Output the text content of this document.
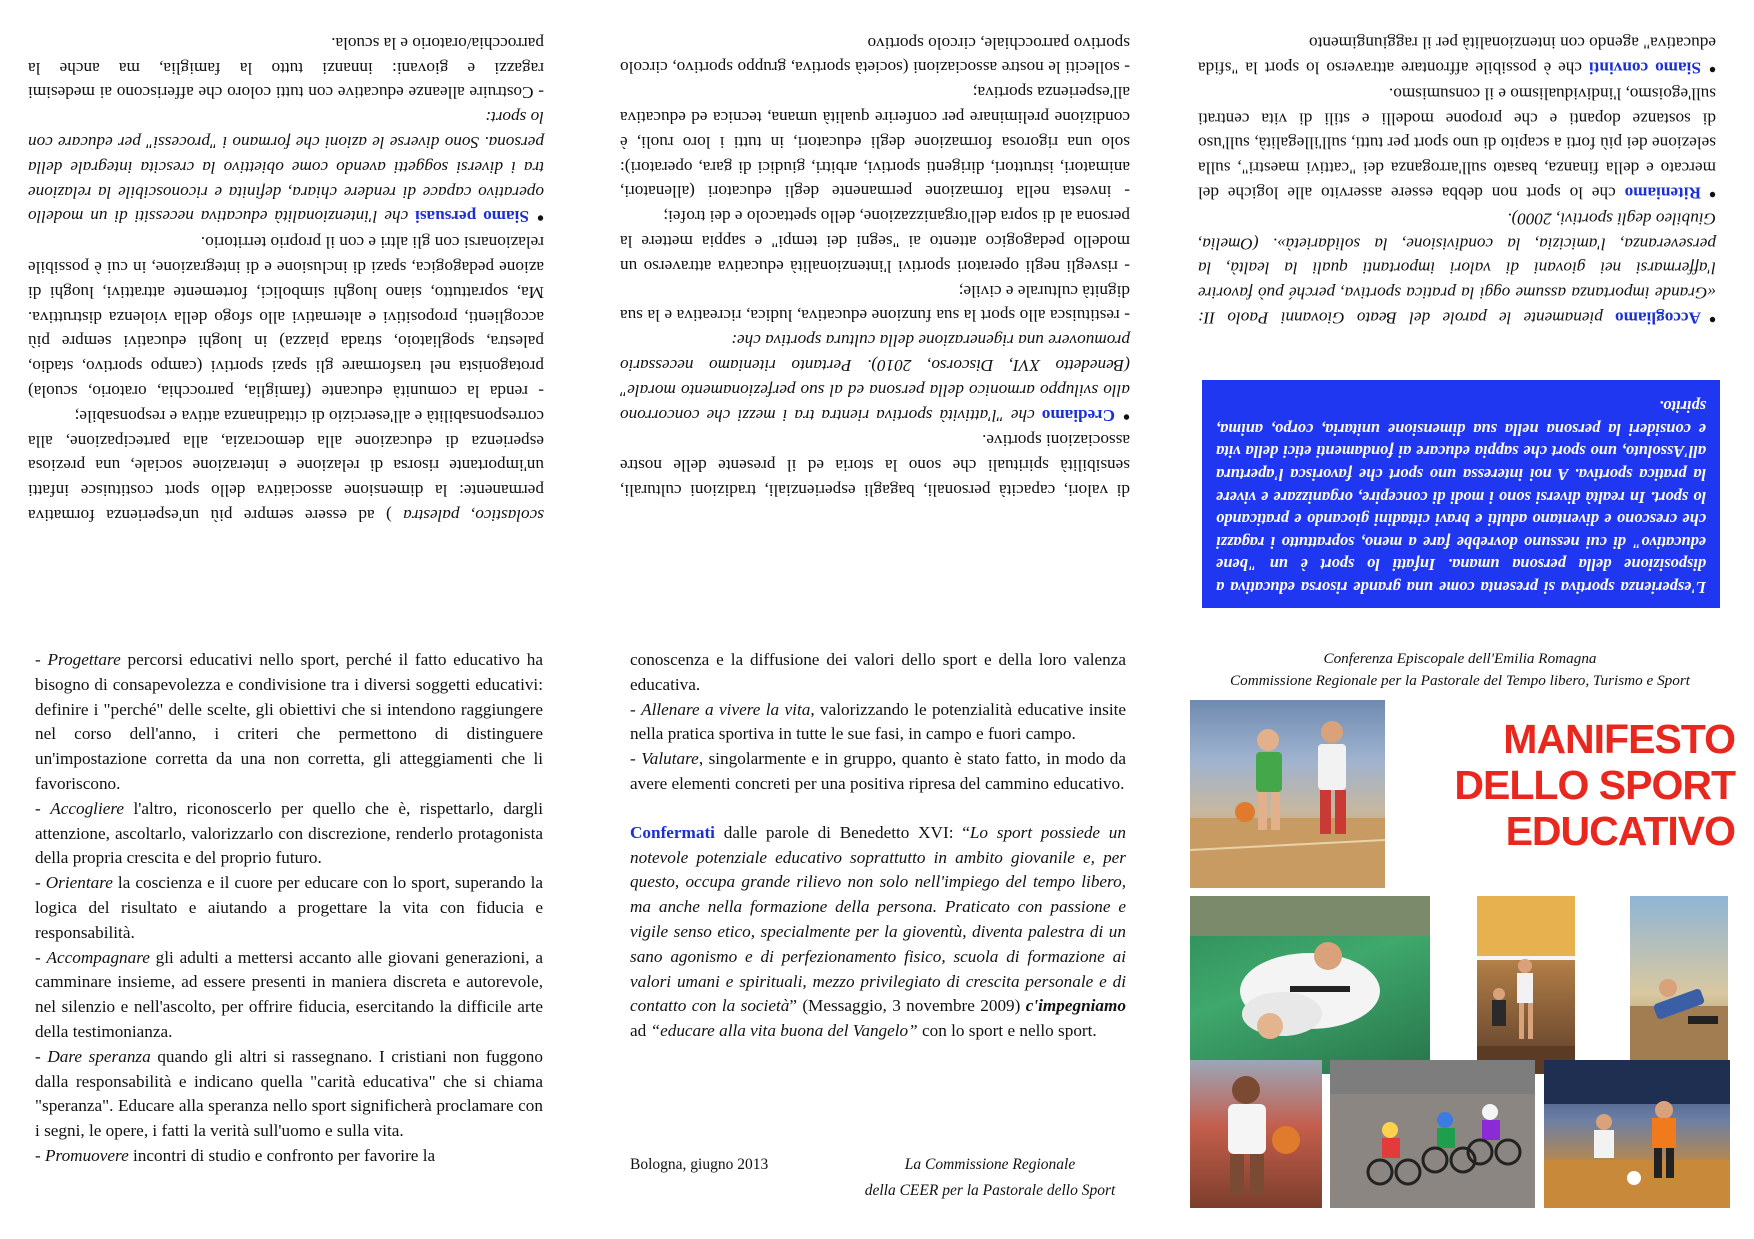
scolastico, palestra ) ad essere sempre più un'esperienza formativa permanente: la dimensione associativa dello sport costituisce infatti un'importante risorsa di relazione e interazione sociale, una preziosa esperienza di educazione alla democrazia, alla partecipazione, alla corresponsabilità e all'esercizio di cittadinanza attiva e responsabile;

- renda la comunità educante (famiglia, parrocchia, oratorio, scuola) protagonista nel trasformare gli spazi sportivi (campo sportivo, stadio, palestra, spogliatoio, strada piazza) in luoghi educativi sempre più accoglienti, propositivi e alternativi allo sfogo della violenza distruttiva. Ma, soprattutto, siano luoghi simbolici, fortemente attrattivi, luoghi di azione pedagogica, spazi di inclusione e di integrazione, in cui è possibile relazionarsi con gli altri e con il proprio territorio.

• Siamo persuasi che l'intenzionalità educativa necessiti di un modello operativo capace di rendere chiara, definita e riconoscibile la relazione tra i diversi soggetti avendo come obiettivo la crescita integrale della persona. Sono diverse le azioni che formano i "processi" per educare con lo sport:

- Costruire alleanze educative con tutti coloro che afferiscono ai medesimi ragazzi e giovani: innanzi tutto la famiglia, ma anche la parrocchia/oratorio e la scuola.

di valori, capacità personali, bagagli esperienziali, tradizioni culturali, sensibilità spirituali che sono la storia ed il presente delle nostre associazioni sportive.

• Crediamo che "l'attività sportiva rientra tra i mezzi che concorrono allo sviluppo armonico della persona ed al suo perfezionamento morale" (Benedetto XVI, Discorso, 2010). Pertanto riteniamo necessario promuovere una rigenerazione della cultura sportiva che:

- restituisca allo sport la sua funzione educativa, ludica, ricreativa e la sua dignità culturale e civile;

- risvegli negli operatori sportivi l'intenzionalità educativa attraverso un modello pedagogico attento ai "segni dei tempi" e sappia mettere la persona al di sopra dell'organizzazione, dello spettacolo e dei trofei;

- investa nella formazione permanente degli educatori (allenatori, animatori, istruttori, dirigenti sportivi, arbitri, giudici di gara, operatori): solo una rigorosa formazione degli educatori, in tutti i loro ruoli, è condizione preliminare per conferire qualità umana, tecnica ed educativa all'esperienza sportiva;

- solleciti le nostre associazioni (società sportiva, gruppo sportivo, circolo sportivo parrocchiale, circolo sportivo

• Accogliamo pienamente le parole del Beato Giovanni Paolo II: «Grande importanza assume oggi la pratica sportiva, perché può favorire l'affermarsi nei giovani di valori importanti quali la lealtà, la perseveranza, l'amicizia, la condivisione, la solidarietà». (Omelia, Giubileo degli sportivi, 2000).

• Riteniamo che lo sport non debba essere asservito alle logiche del mercato e della finanza, basato sull'arroganza dei "cattivi maestri", sulla selezione dei più forti a scapito di uno sport per tutti, sull'illegalità, sull'uso di sostanze dopanti e che propone modelli e stili di vita centrati sull'egoismo, l'individualismo e il consumismo.

• Siamo convinti che è possibile affrontare attraverso lo sport la "sfida educativa" agendo con intenzionalità per il raggiungimento

L'esperienza sportiva si presenta come una grande risorsa educativa a disposizione della persona umana. Infatti lo sport è un "bene educativo" di cui nessuno dovrebbe fare a meno, soprattutto i ragazzi che crescono e diventano adulti e bravi cittadini giocando e praticando lo sport. In realtà diversi sono i modi di concepire, organizzare e vivere la pratica sportiva. A noi interessa uno sport che favorisca l'apertura all'Assoluto, uno sport che sappia educare ai fondamenti etici della vita e consideri la persona nella sua dimensione unitaria, corpo, anima, spirito.

- Progettare percorsi educativi nello sport, perché il fatto educativo ha bisogno di consapevolezza e condivisione tra i diversi soggetti educativi: definire i "perché" delle scelte, gli obiettivi che si intendono raggiungere nel corso dell'anno, i criteri che permettono di distinguere un'impostazione corretta da una non corretta, gli atteggiamenti che li favoriscono.

- Accogliere l'altro, riconoscerlo per quello che è, rispettarlo, dargli attenzione, ascoltarlo, valorizzarlo con discrezione, renderlo protagonista della propria crescita e del proprio futuro.

- Orientare la coscienza e il cuore per educare con lo sport, superando la logica del risultato e aiutando a progettare la vita con fiducia e responsabilità.

- Accompagnare gli adulti a mettersi accanto alle giovani generazioni, a camminare insieme, ad essere presenti in maniera discreta e autorevole, nel silenzio e nell'ascolto, per offrire fiducia, esercitando la difficile arte della testimonianza.

- Dare speranza quando gli altri si rassegnano. I cristiani non fuggono dalla responsabilità e indicano quella "carità educativa" che si chiama "speranza". Educare alla speranza nello sport significherà proclamare con i segni, le opere, i fatti la verità sull'uomo e sulla vita.

- Promuovere incontri di studio e confronto per favorire la

conoscenza e la diffusione dei valori dello sport e della loro valenza educativa.

- Allenare a vivere la vita, valorizzando le potenzialità educative insite nella pratica sportiva in tutte le sue fasi, in campo e fuori campo.

- Valutare, singolarmente e in gruppo, quanto è stato fatto, in modo da avere elementi concreti per una positiva ripresa del cammino educativo.

Confermati dalle parole di Benedetto XVI: “Lo sport possiede un notevole potenziale educativo soprattutto in ambito giovanile e, per questo, occupa grande rilievo non solo nell'impiego del tempo libero, ma anche nella formazione della persona. Praticato con passione e vigile senso etico, specialmente per la gioventù, diventa palestra di un sano agonismo e di perfezionamento fisico, scuola di formazione ai valori umani e spirituali, mezzo privilegiato di crescita personale e di contatto con la società” (Messaggio, 3 novembre 2009) c'impegniamo ad “educare alla vita buona del Vangelo” con lo sport e nello sport.

Bologna, giugno 2013	La Commissione Regionale
della CEER per la Pastorale dello Sport
Conferenza Episcopale dell'Emilia Romagna
Commissione Regionale per la Pastorale del Tempo libero, Turismo e Sport
MANIFESTO
DELLO SPORT
EDUCATIVO
